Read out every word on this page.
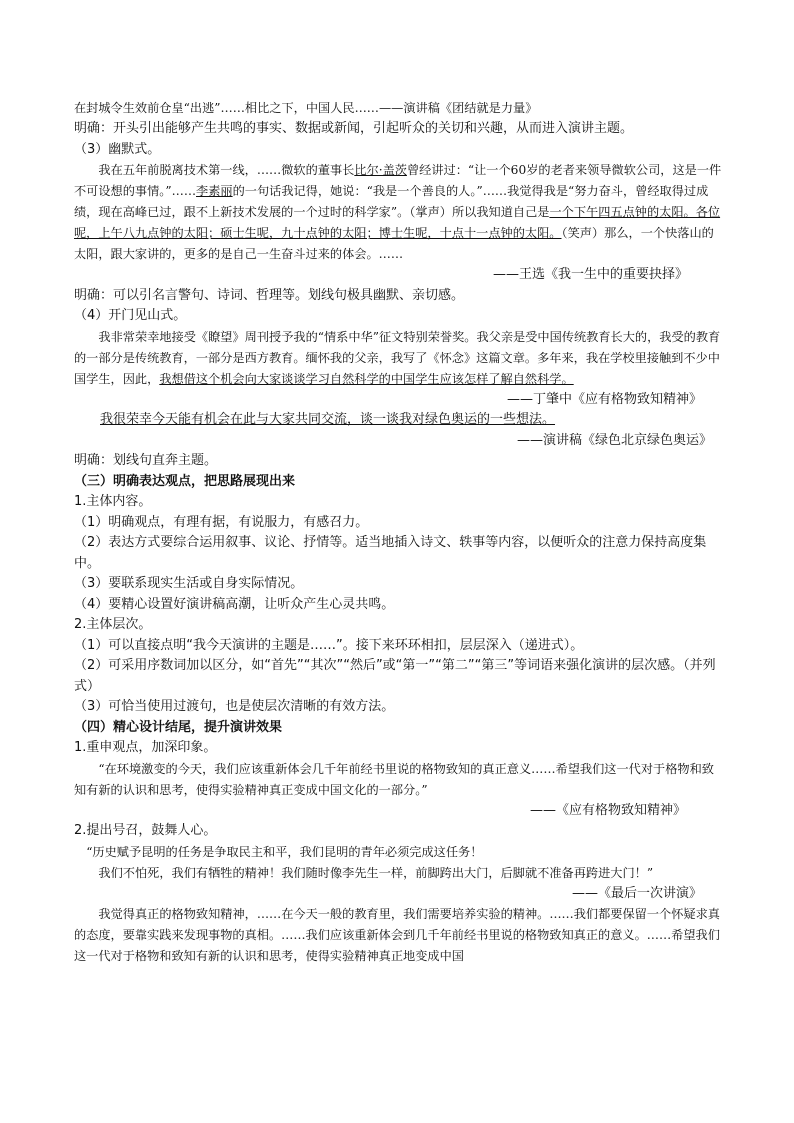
在封城令生效前仓皇“出逃”……相比之下，中国人民……——演讲稿《团结就是力量》

明确：开头引出能够产生共鸣的事实、数据或新闻，引起听众的关切和兴趣，从而进入演讲主题。

（3）幽默式。

我在五年前脱离技术第一线，……微软的董事长比尔·盖茨曾经讲过：“让一个60岁的老者来领导微软公司，这是一件不可设想的事情。”……李素丽的一句话我记得，她说：“我是一个善良的人。”……我觉得我是“努力奋斗，曾经取得过成绩，现在高峰已过，跟不上新技术发展的一个过时的科学家”。（掌声）所以我知道自己是一个下午四五点钟的太阳。各位呢，上午八九点钟的太阳；硕士生呢，九十点钟的太阳；博士生呢，十点十一点钟的太阳。（笑声）那么，一个快落山的太阳，跟大家讲的，更多的是自己一生奋斗过来的体会。……

——王选《我一生中的重要抉择》

明确：可以引名言警句、诗词、哲理等。划线句极具幽默、亲切感。

（4）开门见山式。

我非常荣幸地接受《瞭望》周刊授予我的“情系中华”征文特别荣誉奖。我父亲是受中国传统教育长大的，我受的教育的一部分是传统教育，一部分是西方教育。缅怀我的父亲，我写了《怀念》这篇文章。多年来，我在学校里接触到不少中国学生，因此，我想借这个机会向大家谈谈学习自然科学的中国学生应该怎样了解自然科学。

——丁肇中《应有格物致知精神》

我很荣幸今天能有机会在此与大家共同交流，谈一谈我对绿色奥运的一些想法。

——演讲稿《绿色北京绿色奥运》

明确：划线句直奔主题。

（三）明确表达观点，把思路展现出来

1.主体内容。

（1）明确观点，有理有据，有说服力，有感召力。

（2）表达方式要综合运用叙事、议论、抒情等。适当地插入诗文、轶事等内容，以便听众的注意力保持高度集中。

（3）要联系现实生活或自身实际情况。

（4）要精心设置好演讲稿高潮，让听众产生心灵共鸣。

2.主体层次。

（1）可以直接点明“我今天演讲的主题是……”。接下来环环相扣，层层深入（递进式）。

（2）可采用序数词加以区分，如“首先”“其次”“然后”或“第一”“第二”“第三”等词语来强化演讲的层次感。（并列式）

（3）可恰当使用过渡句，也是使层次清晰的有效方法。

（四）精心设计结尾，提升演讲效果

1.重申观点，加深印象。

“在环境激变的今天，我们应该重新体会几千年前经书里说的格物致知的真正意义……希望我们这一代对于格物和致知有新的认识和思考，使得实验精神真正变成中国文化的一部分。”

——《应有格物致知精神》

2.提出号召，鼓舞人心。

“历史赋予昆明的任务是争取民主和平，我们昆明的青年必须完成这任务！

我们不怕死，我们有牺牲的精神！我们随时像李先生一样，前脚跨出大门，后脚就不准备再跨进大门！”

——《最后一次讲演》

我觉得真正的格物致知精神，……在今天一般的教育里，我们需要培养实验的精神。……我们都要保留一个怀疑求真的态度，要靠实践来发现事物的真相。……我们应该重新体会到几千年前经书里说的格物致知真正的意义。……希望我们这一代对于格物和致知有新的认识和思考，使得实验精神真正地变成中国
